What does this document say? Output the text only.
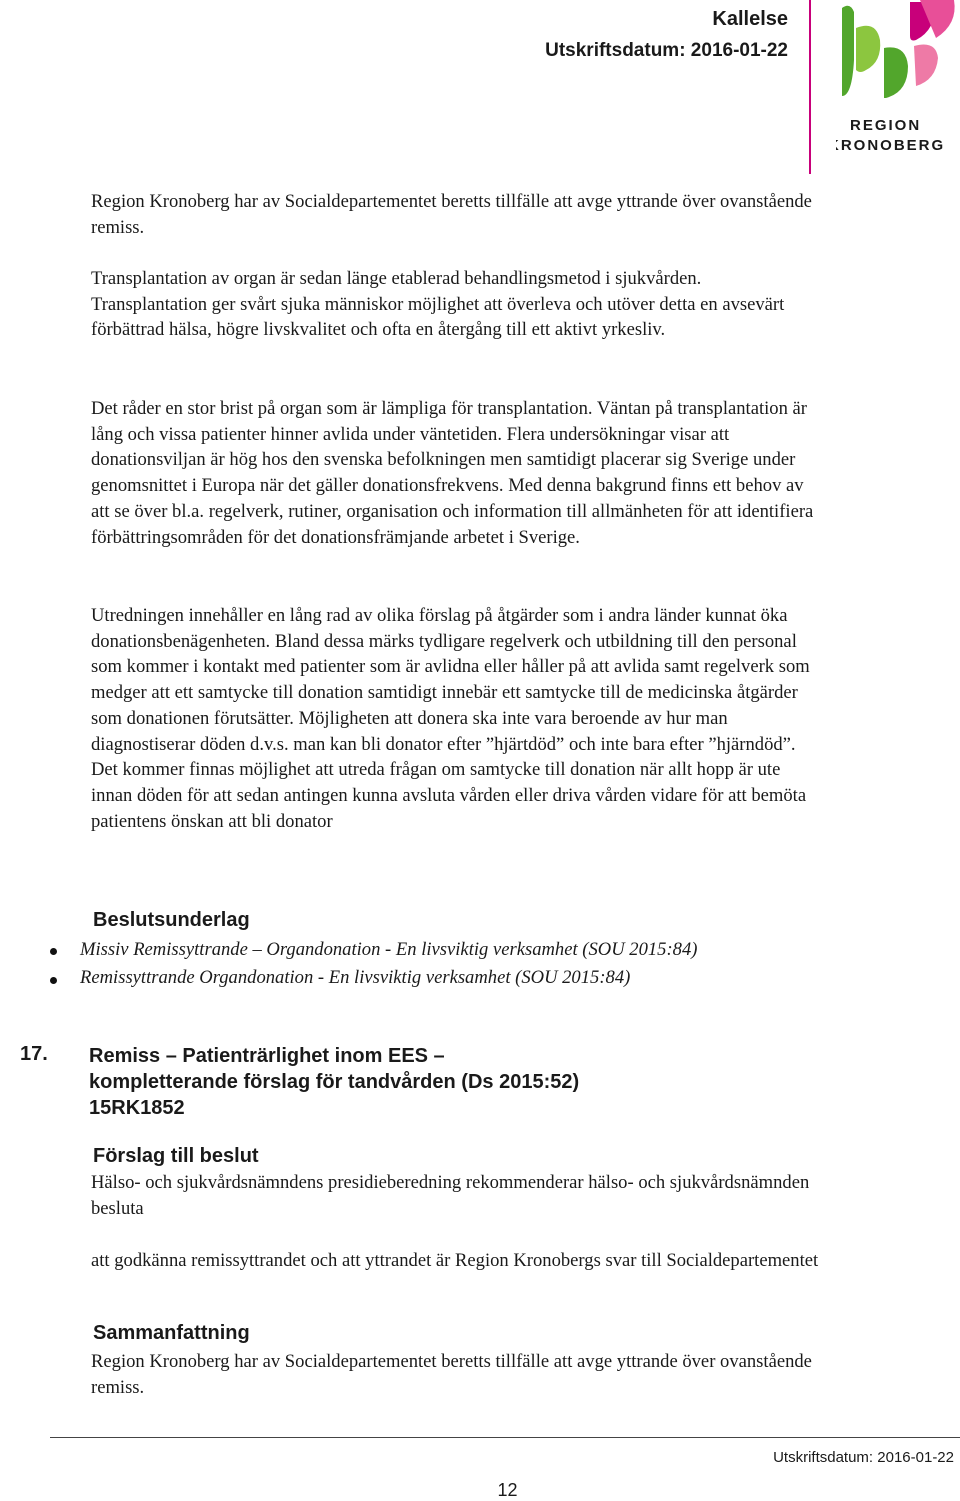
Kallelse
Utskriftsdatum: 2016-01-22
REGION
KRONOBERG

Region Kronoberg har av Socialdepartementet beretts tillfälle att avge yttrande över ovanstående remiss.

Transplantation av organ är sedan länge etablerad behandlingsmetod i sjukvården. Transplantation ger svårt sjuka människor möjlighet att överleva och utöver detta en avsevärt förbättrad hälsa, högre livskvalitet och ofta en återgång till ett aktivt yrkesliv.

Det råder en stor brist på organ som är lämpliga för transplantation. Väntan på transplantation är lång och vissa patienter hinner avlida under väntetiden. Flera undersökningar visar att donationsviljan är hög hos den svenska befolkningen men samtidigt placerar sig Sverige under genomsnittet i Europa när det gäller donationsfrekvens. Med denna bakgrund finns ett behov av att se över bl.a. regelverk, rutiner, organisation och information till allmänheten för att identifiera förbättringsområden för det donationsfrämjande arbetet i Sverige.

Utredningen innehåller en lång rad av olika förslag på åtgärder som i andra länder kunnat öka donationsbenägenheten. Bland dessa märks tydligare regelverk och utbildning till den personal som kommer i kontakt med patienter som är avlidna eller håller på att avlida samt regelverk som medger att ett samtycke till donation samtidigt innebär ett samtycke till de medicinska åtgärder som donationen förutsätter. Möjligheten att donera ska inte vara beroende av hur man diagnostiserar döden d.v.s. man kan bli donator efter ”hjärtdöd” och inte bara efter ”hjärndöd”. Det kommer finnas möjlighet att utreda frågan om samtycke till donation när allt hopp är ute innan döden för att sedan antingen kunna avsluta vården eller driva vården vidare för att bemöta patientens önskan att bli donator

Beslutsunderlag
Missiv Remissyttrande – Organdonation - En livsviktig verksamhet (SOU 2015:84)
Remissyttrande Organdonation - En livsviktig verksamhet (SOU 2015:84)
17. Remiss – Patienträrlighet inom EES –
kompletterande förslag för tandvården (Ds 2015:52)
15RK1852
Förslag till beslut

Hälso- och sjukvårdsnämndens presidieberedning rekommenderar hälso- och sjukvårdsnämnden besluta

att godkänna remissyttrandet och att yttrandet är Region Kronobergs svar till Socialdepartementet

Sammanfattning

Region Kronoberg har av Socialdepartementet beretts tillfälle att avge yttrande över ovanstående remiss.

Utskriftsdatum: 2016-01-22
12
